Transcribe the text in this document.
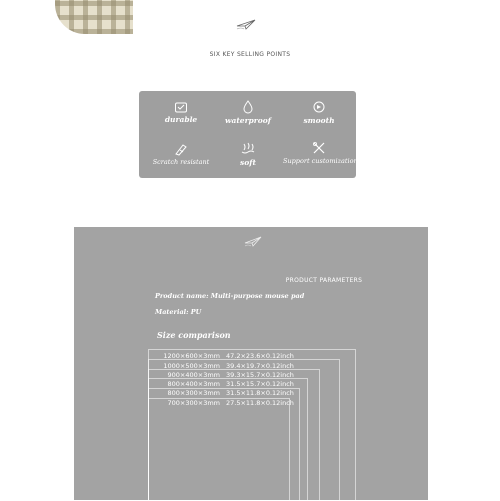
SIX KEY SELLING POINTS
durable	waterproof	smooth
Scratch resistant	soft	Support customization
PRODUCT PARAMETERS
Product name: Multi-purpose mouse pad
Material: PU
Size comparison
1200×600×3mm 47.2×23.6×0.12inch
1000×500×3mm 39.4×19.7×0.12inch
900×400×3mm 39.3×15.7×0.12inch
800×400×3mm 31.5×15.7×0.12inch
800×300×3mm 31.5×11.8×0.12inch
700×300×3mm 27.5×11.8×0.12inch
